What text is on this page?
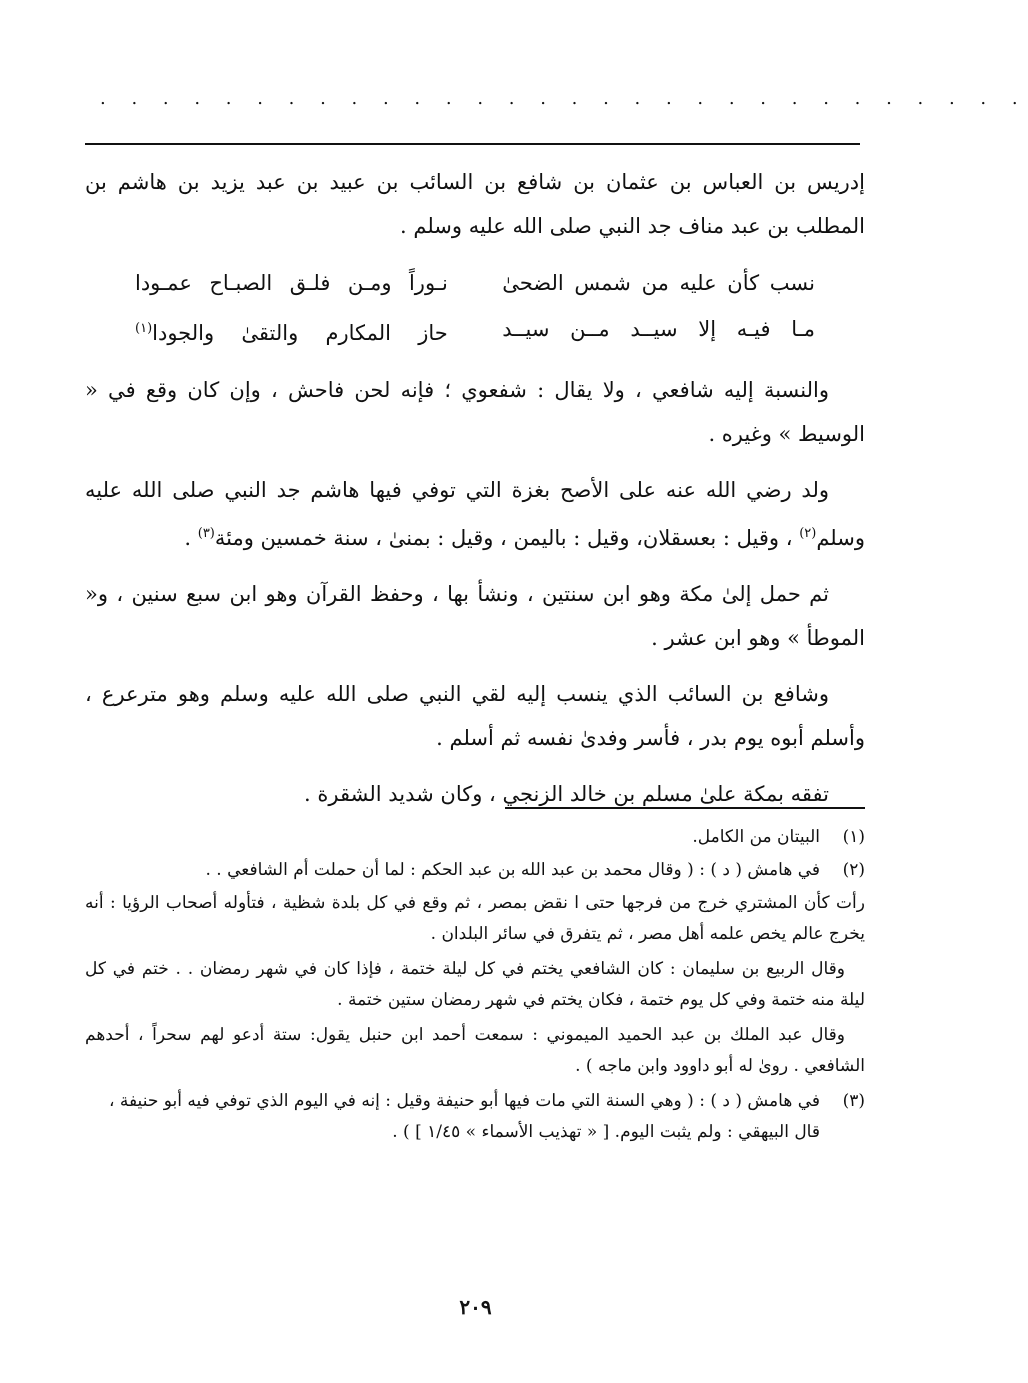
. . . . . . . . . . . . . . . . . . . . . . . . . . . . . .

إدريس بن العباس بن عثمان بن شافع بن السائب بن عبيد بن عبد يزيد بن هاشم بن المطلب بن عبد مناف جد النبي صلى الله عليه وسلم .

نسب كأن عليه من شمس الضحىٰ
نـوراً ومـن فلـق الصبـاح عمـودا
مـا فيـه إلا سيــد مــن سيــد
حاز المكارم والتقىٰ والجودا$^{(١)}$

والنسبة إليه شافعي ، ولا يقال : شفعوي ؛ فإنه لحن فاحش ، وإن كان وقع في « الوسيط » وغيره .

ولد رضي الله عنه على الأصح بغزة التي توفي فيها هاشم جد النبي صلى الله عليه وسلم$^{(٢)}$ ، وقيل : بعسقلان، وقيل : باليمن ، وقيل : بمنىٰ ، سنة خمسين ومئة$^{(٣)}$ .

ثم حمل إلىٰ مكة وهو ابن سنتين ، ونشأ بها ، وحفظ القرآن وهو ابن سبع سنين ، و« الموطأ » وهو ابن عشر .

وشافع بن السائب الذي ينسب إليه لقي النبي صلى الله عليه وسلم وهو مترعرع ، وأسلم أبوه يوم بدر ، فأسر وفدىٰ نفسه ثم أسلم .

تفقه بمكة علىٰ مسلم بن خالد الزنجي ، وكان شديد الشقرة .

(١)
البيتان من الكامل.
(٢)
في هامش ( د ) : ( وقال محمد بن عبد الله بن عبد الحكم : لما أن حملت أم الشافعي . .
رأت كأن المشتري خرج من فرجها حتى ا نقض بمصر ، ثم وقع في كل بلدة شظية ، فتأوله أصحاب الرؤيا : أنه يخرج عالم يخص علمه أهل مصر ، ثم يتفرق في سائر البلدان .
وقال الربيع بن سليمان : كان الشافعي يختم في كل ليلة ختمة ، فإذا كان في شهر رمضان . . ختم في كل ليلة منه ختمة وفي كل يوم ختمة ، فكان يختم في شهر رمضان ستين ختمة .
وقال عبد الملك بن عبد الحميد الميموني : سمعت أحمد ابن حنبل يقول: ستة أدعو لهم سحراً ، أحدهم الشافعي . روىٰ له أبو داوود وابن ماجه ) .
(٣)
في هامش ( د ) : ( وهي السنة التي مات فيها أبو حنيفة وقيل : إنه في اليوم الذي توفي فيه أبو حنيفة ، قال البيهقي : ولم يثبت اليوم. [ « تهذيب الأسماء » ١/٤٥ ] ) .
٢٠٩
